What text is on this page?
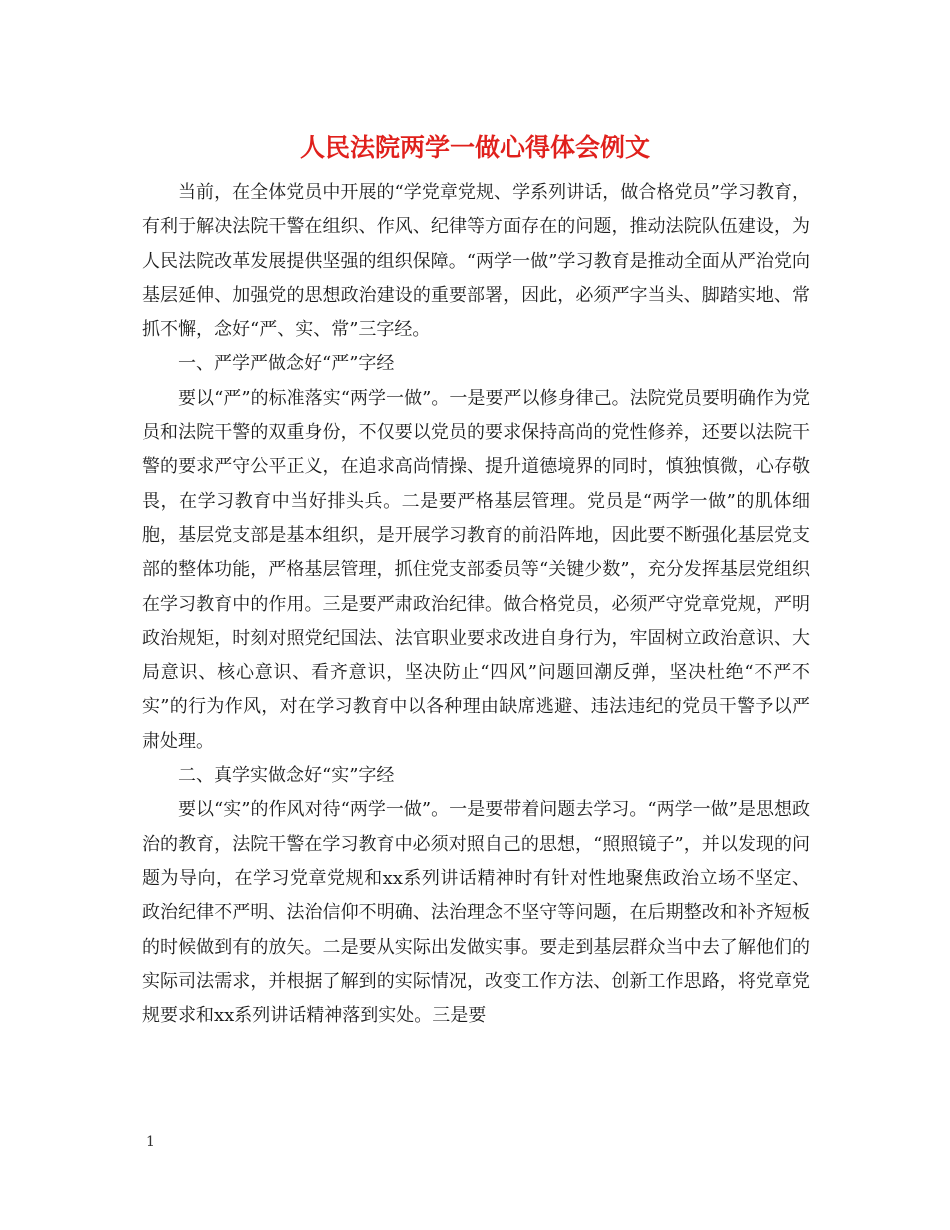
人民法院两学一做心得体会例文

当前，在全体党员中开展的“学党章党规、学系列讲话，做合格党员”学习教育，有利于解决法院干警在组织、作风、纪律等方面存在的问题，推动法院队伍建设，为人民法院改革发展提供坚强的组织保障。“两学一做”学习教育是推动全面从严治党向基层延伸、加强党的思想政治建设的重要部署，因此，必须严字当头、脚踏实地、常抓不懈，念好“严、实、常”三字经。

一、严学严做念好“严”字经

要以“严”的标准落实“两学一做”。一是要严以修身律己。法院党员要明确作为党员和法院干警的双重身份，不仅要以党员的要求保持高尚的党性修养，还要以法院干警的要求严守公平正义，在追求高尚情操、提升道德境界的同时，慎独慎微，心存敬畏，在学习教育中当好排头兵。二是要严格基层管理。党员是“两学一做”的肌体细胞，基层党支部是基本组织，是开展学习教育的前沿阵地，因此要不断强化基层党支部的整体功能，严格基层管理，抓住党支部委员等“关键少数”，充分发挥基层党组织在学习教育中的作用。三是要严肃政治纪律。做合格党员，必须严守党章党规，严明政治规矩，时刻对照党纪国法、法官职业要求改进自身行为，牢固树立政治意识、大局意识、核心意识、看齐意识，坚决防止“四风”问题回潮反弹，坚决杜绝“不严不实”的行为作风，对在学习教育中以各种理由缺席逃避、违法违纪的党员干警予以严肃处理。

二、真学实做念好“实”字经

要以“实”的作风对待“两学一做”。一是要带着问题去学习。“两学一做”是思想政治的教育，法院干警在学习教育中必须对照自己的思想，“照照镜子”，并以发现的问题为导向，在学习党章党规和xx系列讲话精神时有针对性地聚焦政治立场不坚定、政治纪律不严明、法治信仰不明确、法治理念不坚守等问题，在后期整改和补齐短板的时候做到有的放矢。二是要从实际出发做实事。要走到基层群众当中去了解他们的实际司法需求，并根据了解到的实际情况，改变工作方法、创新工作思路，将党章党规要求和xx系列讲话精神落到实处。三是要

1
